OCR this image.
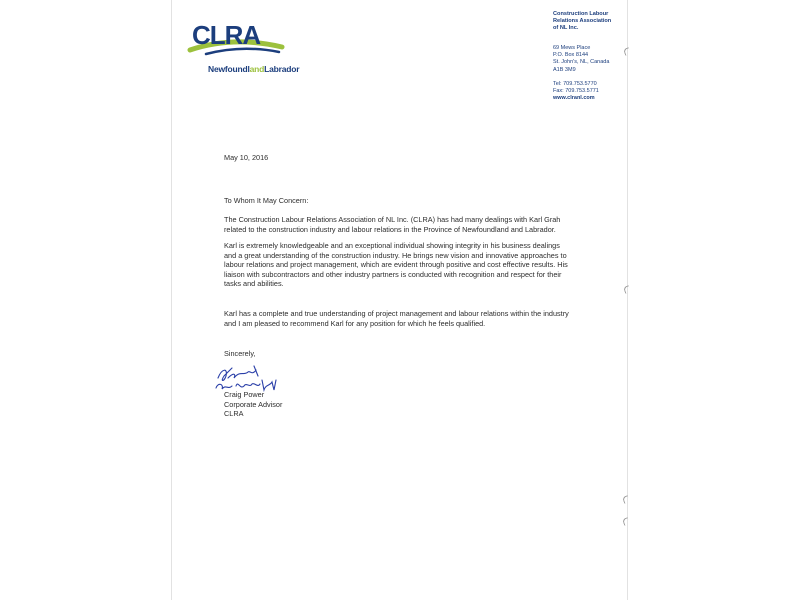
CLRA
NewfoundlandLabrador
Construction Labour
Relations Association
of NL Inc.
69 Mews Place
P.O. Box 8144
St. John's, NL, Canada
A1B 3M9
Tel: 709.753.5770
Fax: 709.753.5771
www.clranl.com
May 10, 2016
To Whom It May Concern:
The Construction Labour Relations Association of NL Inc. (CLRA) has had many dealings with Karl Grah related to the construction industry and labour relations in the Province of Newfoundland and Labrador.
Karl is extremely knowledgeable and an exceptional individual showing integrity in his business dealings and a great understanding of the construction industry. He brings new vision and innovative approaches to labour relations and project management, which are evident through positive and cost effective results. His liaison with subcontractors and other industry partners is conducted with recognition and respect for their tasks and abilities.
Karl has a complete and true understanding of project management and labour relations within the industry and I am pleased to recommend Karl for any position for which he feels qualified.
Sincerely,
Craig Power
Corporate Advisor
CLRA
